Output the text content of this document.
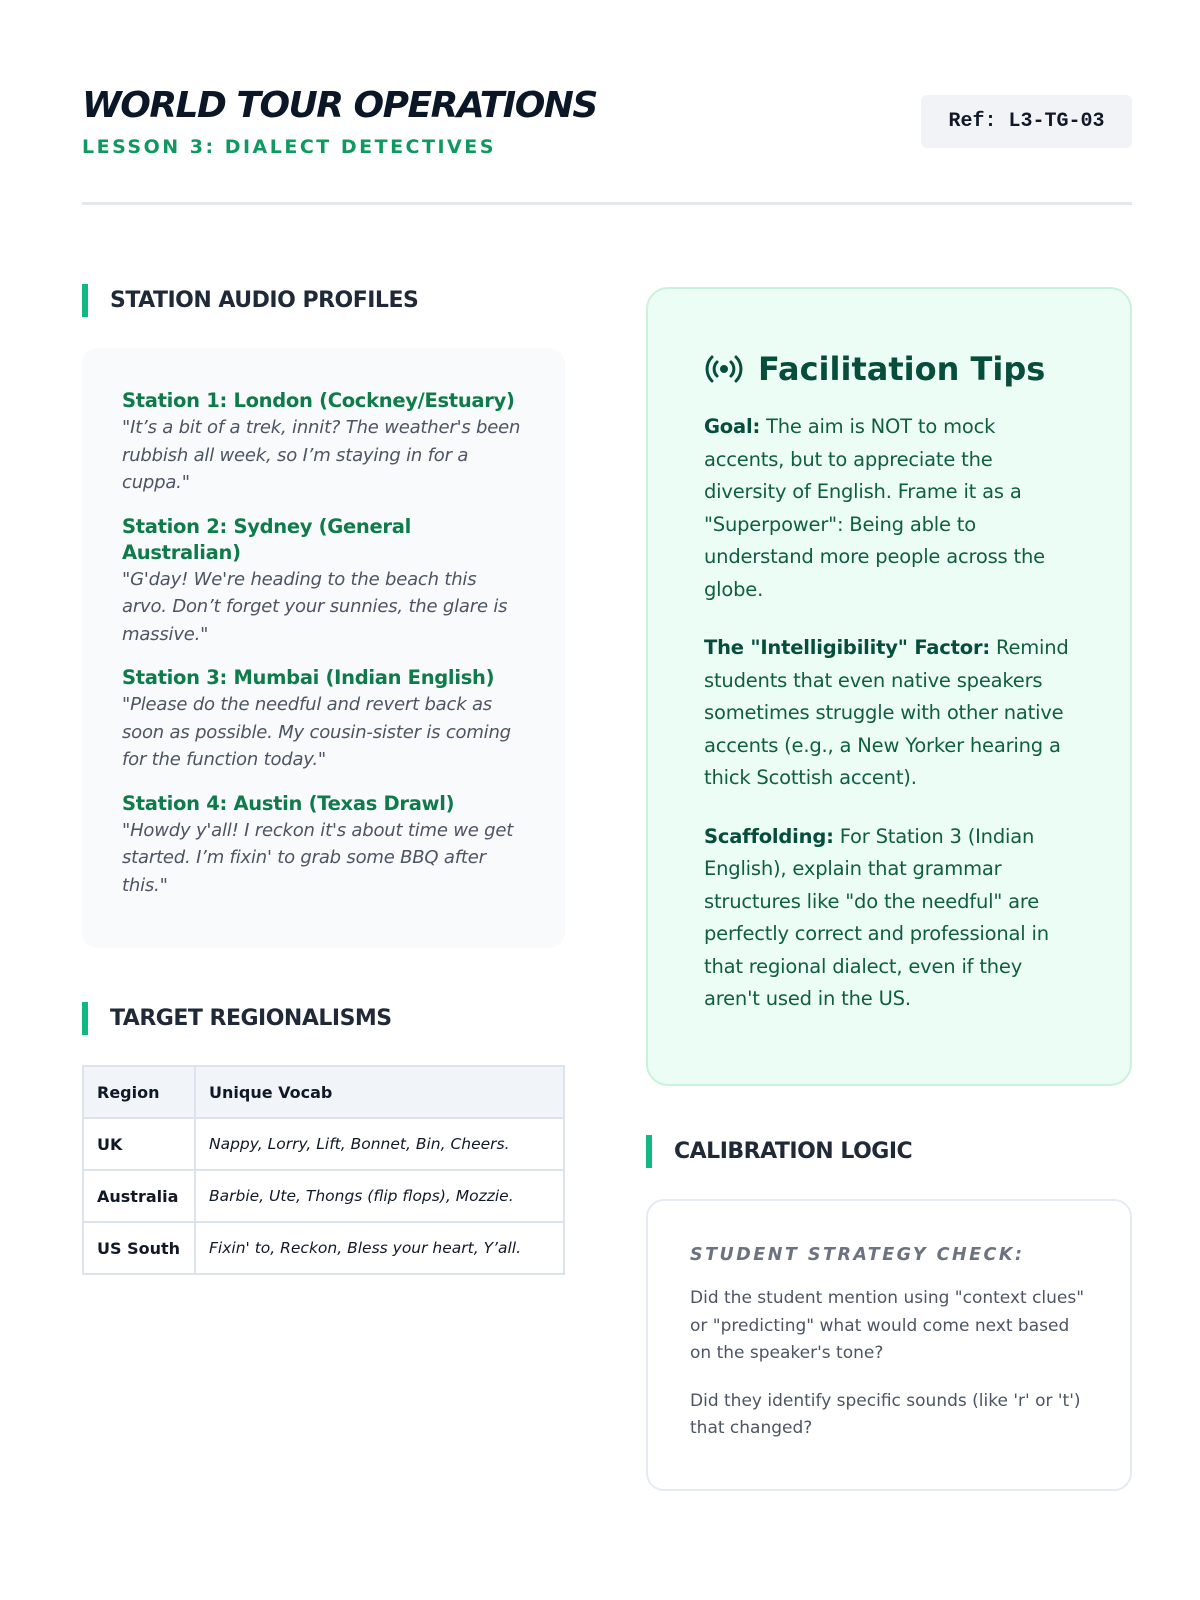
WORLD TOUR OPERATIONS
LESSON 3: DIALECT DETECTIVES
Ref: L3-TG-03
STATION AUDIO PROFILES
Station 1: London (Cockney/Estuary)
"It’s a bit of a trek, innit? The weather's been rubbish all week, so I’m staying in for a cuppa."
Station 2: Sydney (General Australian)
"G'day! We're heading to the beach this arvo. Don’t forget your sunnies, the glare is massive."
Station 3: Mumbai (Indian English)
"Please do the needful and revert back as soon as possible. My cousin-sister is coming for the function today."
Station 4: Austin (Texas Drawl)
"Howdy y'all! I reckon it's about time we get started. I’m fixin' to grab some BBQ after this."
TARGET REGIONALISMS
Region	Unique Vocab
UK	Nappy, Lorry, Lift, Bonnet, Bin, Cheers.
Australia	Barbie, Ute, Thongs (flip flops), Mozzie.
US South	Fixin' to, Reckon, Bless your heart, Y’all.
Facilitation Tips
Goal: The aim is NOT to mock accents, but to appreciate the diversity of English. Frame it as a "Superpower": Being able to understand more people across the globe.
The "Intelligibility" Factor: Remind students that even native speakers sometimes struggle with other native accents (e.g., a New Yorker hearing a thick Scottish accent).
Scaffolding: For Station 3 (Indian English), explain that grammar structures like "do the needful" are perfectly correct and professional in that regional dialect, even if they aren't used in the US.
CALIBRATION LOGIC
STUDENT STRATEGY CHECK:
Did the student mention using "context clues" or "predicting" what would come next based on the speaker's tone?
Did they identify specific sounds (like 'r' or 't') that changed?
